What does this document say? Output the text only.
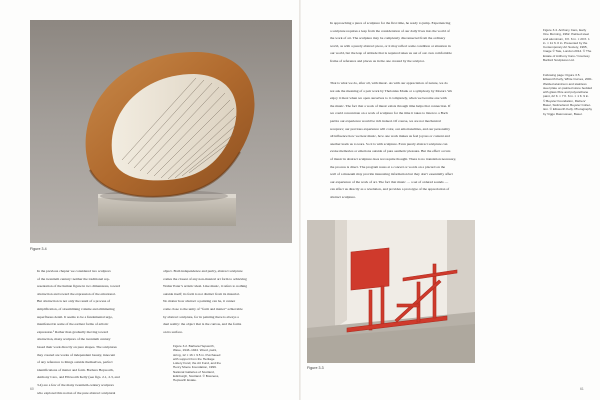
Figure 3.4
In the previous chapter we considered two sculptors
of the twentieth century: neither the traditional rep-
resentation of the human figure in two dimensions, toward
abstraction and toward the expression of the emotional.
But abstraction is not only the result of a process of
simplification, of streamlining volume and eliminating
superfluous detail. It seems to be a fundamental urge,
manifested in some of the earliest forms of artistic
expression.¹ Rather than gradually moving toward
abstraction, many sculptors of the twentieth century
based their work directly on pure shapes. The sculptures
they created are works of independent beauty, innocent
of any reference to things outside themselves, perfect
identifications of matter and form. Barbara Hepworth,
Anthony Caro, and Ellsworth Kelly (see figs. 2.1, 2.3, and
3.4) are a few of the many twentieth-century sculptors
who explored this notion of the pure abstract sculptural
object. Both independence and purity, abstract sculpture
comes the closest of any non-musical art form to achieving
Walter Pater’s artistic ideal. Like music, it refers to nothing
outside itself; its form is not distinct from its material.
No matter how abstract a painting can be, it cannot
come close to the unity of “form and matter” achievable
by abstract sculpture, for in painting there is always a
dual reality: the object that is the canvas, and the forms
on its surface.
Figure 3.2. Barbara Hepworth,
Wave, 1943–1944. Wood, paint,
string, 12 × 16 × 9.5 in. Purchased
with support from the Heritage
Lottery Fund, the Art Fund, and the
Henry Moore Foundation, 1999.
National Galleries of Scotland,
Edinburgh, Scotland. © Bowness,
Hepworth Estate.
60
In approaching a piece of sculpture for the first time, he ready to jump. Experiencing
a sculpture requires a leap from the consideration of our daily lives into the world of
the work of art. The sculpture may be completely disconnected from the ordinary
world, as with a purely abstract piece, or it may reflect some condition or situation in
our world, but the leap of attitude that is required takes us out of our own comfortable
frame of reference and places us in the one created by the sculptor.
That is what we do, after all, with music. As with our appreciation of nature, we do
not ask the meaning of a pair work by Thelonius Monk or a symphony by Mozart. We
enjoy it most when we open ourselves to it completely, when we become one with
the music. The fact that a work of music exists through time helps that connection. If
we could concentrate on a work of sculpture for the time it takes to listen to a Bach
partita our experience would be rich indeed. Of course, we are not mechanical
receptors; our previous experience will color, our emotionalities, and our personality
all influence how we hear music, how one work makes us feel joyous or content and
another leads us to tears. So it is with sculpture. Even purely abstract sculpture can
evoke memories or emotions outside of pure aesthetic pleasure. But the effect occurs
of music in abstract sculpture does not require thought. There is no translation necessary,
the process is direct. The program notes at a concert or words on a placard on the
wall of a museum may provide interesting information but they don’t essentially affect
our experience of the work of art. The fact that music … a set of ordered sounds —
can affect us directly as a revelation, and provides a prototype of the appreciation of
abstract sculpture.
Figure 3.4. Anthony Caro, Early
One Morning, 1962. Painted steel
and aluminium, 9 ft. 6 in. × 20 ft. 1
in. × 11 ft. 0 in. Presented by the
Contemporary Art Society, 1965,
Image © Tate, London 2014. © The
Estate of Anthony Caro / Courtesy
Barford Sculptures Ltd.
Following page: Figure 3.5.
Ellsworth Kelly, White Curves, 2001.
Welded aluminum and stainless
steel plate on painted stone bedded
with glass fibre and polyurethane
paint, 22 ft. × 7 ft. 6 in. × 1 ft. 9 in.
© Beyeler Foundation, Riehen/
Basel, Switzerland. Beyeler Collec-
tion. © Ellsworth Kelly. Photography
by Viggo Rasmussen, Basel.
Figure 3.3
61
